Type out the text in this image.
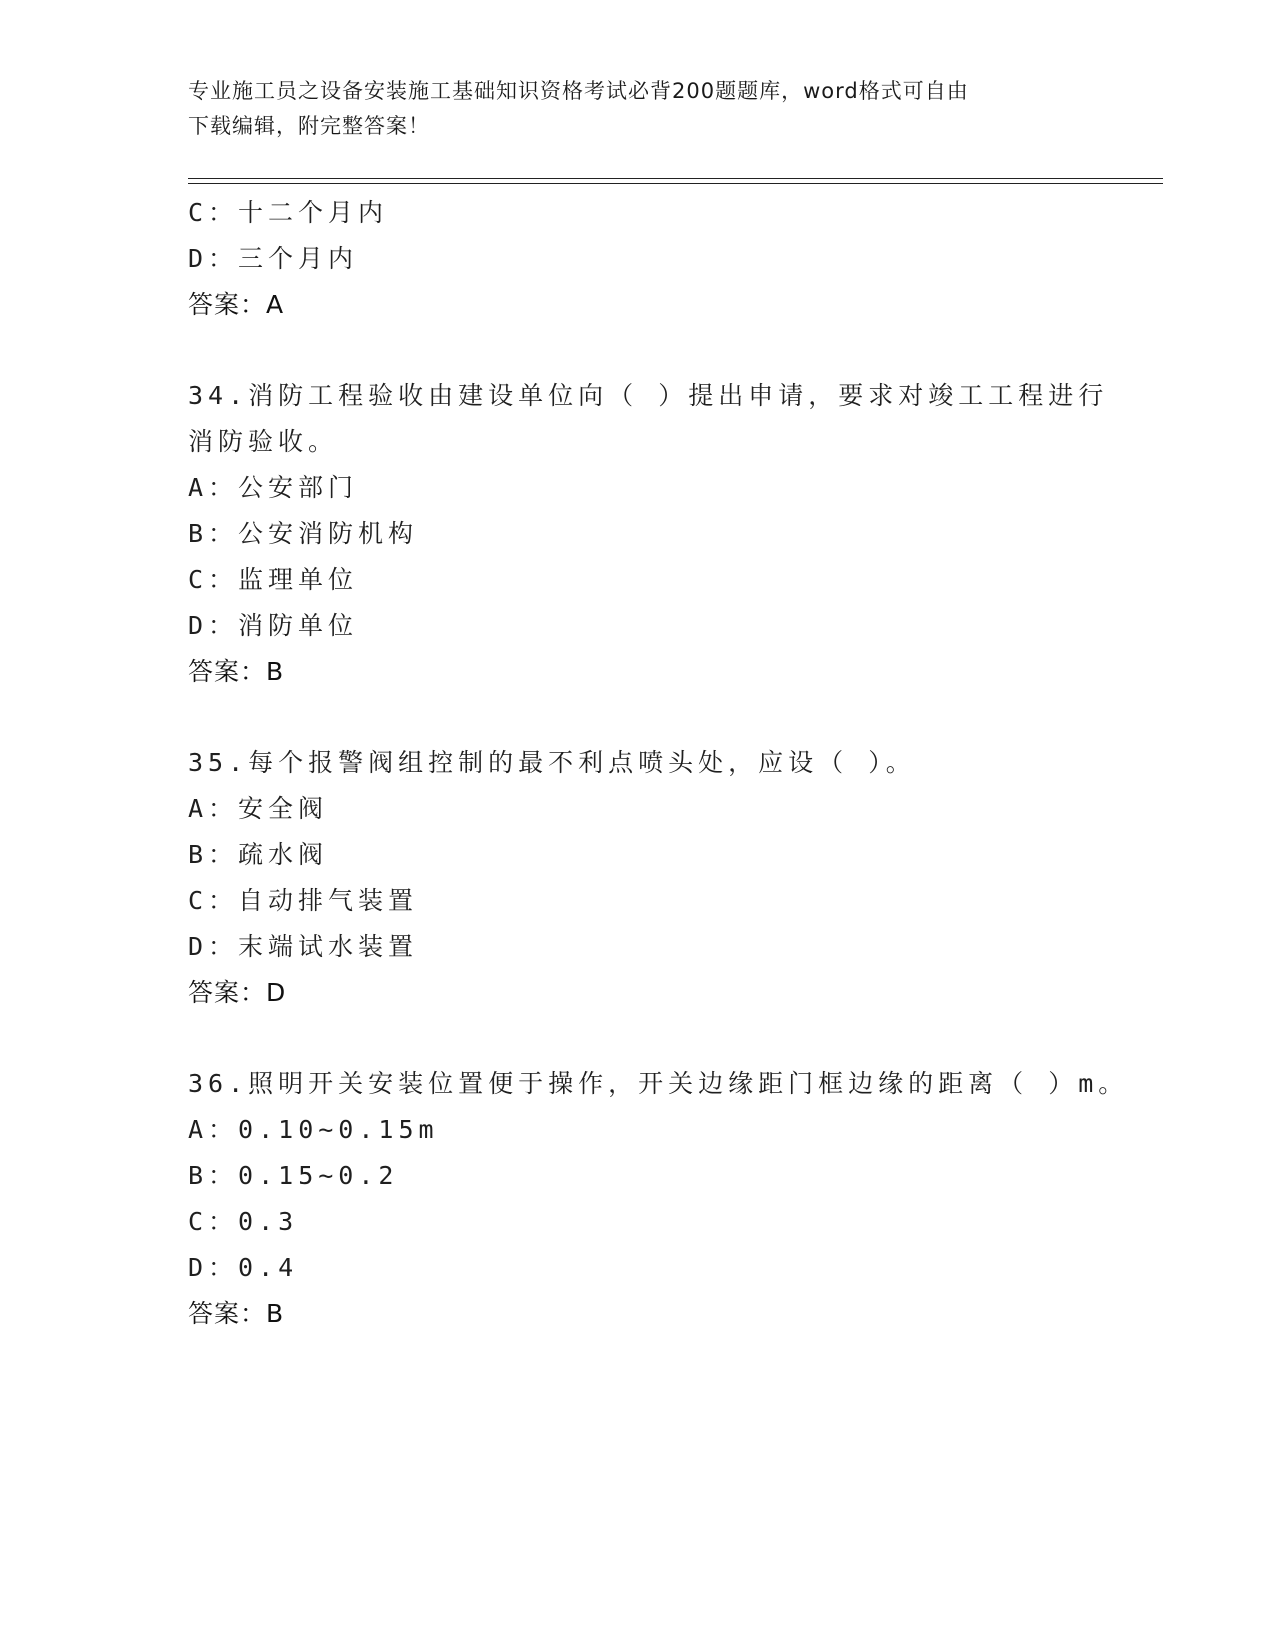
专业施工员之设备安装施工基础知识资格考试必背200题题库，word格式可自由
下载编辑，附完整答案！
C：十二个月内
D：三个月内
答案：A
34.消防工程验收由建设单位向（ ）提出申请，要求对竣工工程进行
消防验收。
A：公安部门
B：公安消防机构
C：监理单位
D：消防单位
答案：B
35.每个报警阀组控制的最不利点喷头处，应设（ ）。
A：安全阀
B：疏水阀
C：自动排气装置
D：末端试水装置
答案：D
36.照明开关安装位置便于操作，开关边缘距门框边缘的距离（ ）m。
A：0.10~0.15m
B：0.15~0.2
C：0.3
D：0.4
答案：B
